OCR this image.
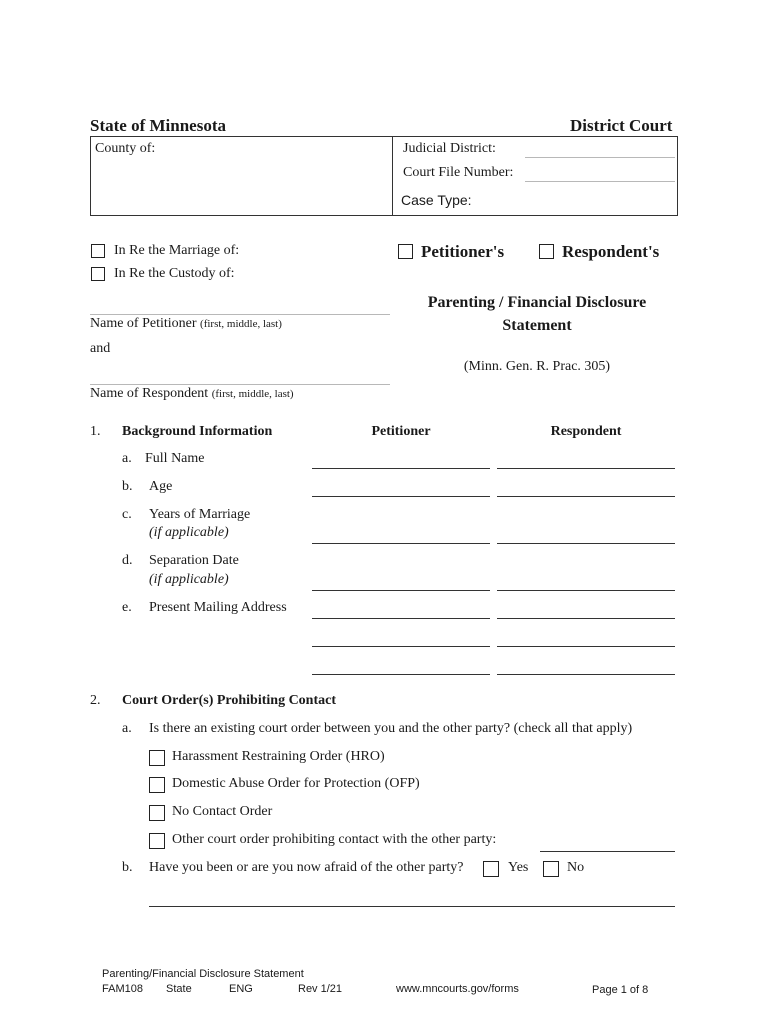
State of Minnesota	District Court
County of:	Judicial District:
Court File Number:
Case Type:
In Re the Marriage of:
In Re the Custody of:
Petitioner's	Respondent's
Name of Petitioner (first, middle, last)
and
Name of Respondent (first, middle, last)
Parenting / Financial Disclosure
Statement
(Minn. Gen. R. Prac. 305)
1. Background Information	Petitioner	Respondent
a. Full Name
b. Age
c. Years of Marriage
(if applicable)
d. Separation Date
(if applicable)
e. Present Mailing Address
2. Court Order(s) Prohibiting Contact
a. Is there an existing court order between you and the other party? (check all that apply)
Harassment Restraining Order (HRO)
Domestic Abuse Order for Protection (OFP)
No Contact Order
Other court order prohibiting contact with the other party:
b. Have you been or are you now afraid of the other party?	Yes	No
Parenting/Financial Disclosure Statement
FAM108 State	ENG	Rev 1/21	www.mncourts.gov/forms	Page 1 of 8
